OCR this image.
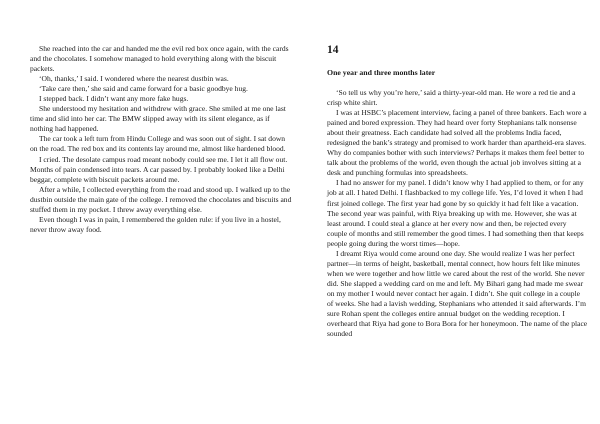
She reached into the car and handed me the evil red box once again, with the cards and the chocolates. I somehow managed to hold everything along with the biscuit packets.

‘Oh, thanks,’ I said. I wondered where the nearest dustbin was.

‘Take care then,’ she said and came forward for a basic goodbye hug.

I stepped back. I didn’t want any more fake hugs.

She understood my hesitation and withdrew with grace. She smiled at me one last time and slid into her car. The BMW slipped away with its silent elegance, as if nothing had happened.

The car took a left turn from Hindu College and was soon out of sight. I sat down on the road. The red box and its contents lay around me, almost like hardened blood.

I cried. The desolate campus road meant nobody could see me. I let it all flow out. Months of pain condensed into tears. A car passed by. I probably looked like a Delhi beggar, complete with biscuit packets around me.

After a while, I collected everything from the road and stood up. I walked up to the dustbin outside the main gate of the college. I removed the chocolates and biscuits and stuffed them in my pocket. I threw away everything else.

Even though I was in pain, I remembered the golden rule: if you live in a hostel, never throw away food.

14
One year and three months later

‘So tell us why you’re here,’ said a thirty-year-old man. He wore a red tie and a crisp white shirt.

I was at HSBC’s placement interview, facing a panel of three bankers. Each wore a pained and bored expression. They had heard over forty Stephanians talk nonsense about their greatness. Each candidate had solved all the problems India faced, redesigned the bank’s strategy and promised to work harder than apartheid-era slaves. Why do companies bother with such interviews? Perhaps it makes them feel better to talk about the problems of the world, even though the actual job involves sitting at a desk and punching formulas into spreadsheets.

I had no answer for my panel. I didn’t know why I had applied to them, or for any job at all. I hated Delhi. I flashbacked to my college life. Yes, I’d loved it when I had first joined college. The first year had gone by so quickly it had felt like a vacation. The second year was painful, with Riya breaking up with me. However, she was at least around. I could steal a glance at her every now and then, be rejected every couple of months and still remember the good times. I had something then that keeps people going during the worst times—hope.

I dreamt Riya would come around one day. She would realize I was her perfect partner—in terms of height, basketball, mental connect, how hours felt like minutes when we were together and how little we cared about the rest of the world. She never did. She slapped a wedding card on me and left. My Bihari gang had made me swear on my mother I would never contact her again. I didn’t. She quit college in a couple of weeks. She had a lavish wedding, Stephanians who attended it said afterwards. I’m sure Rohan spent the colleges entire annual budget on the wedding reception. I overheard that Riya had gone to Bora Bora for her honeymoon. The name of the place sounded
